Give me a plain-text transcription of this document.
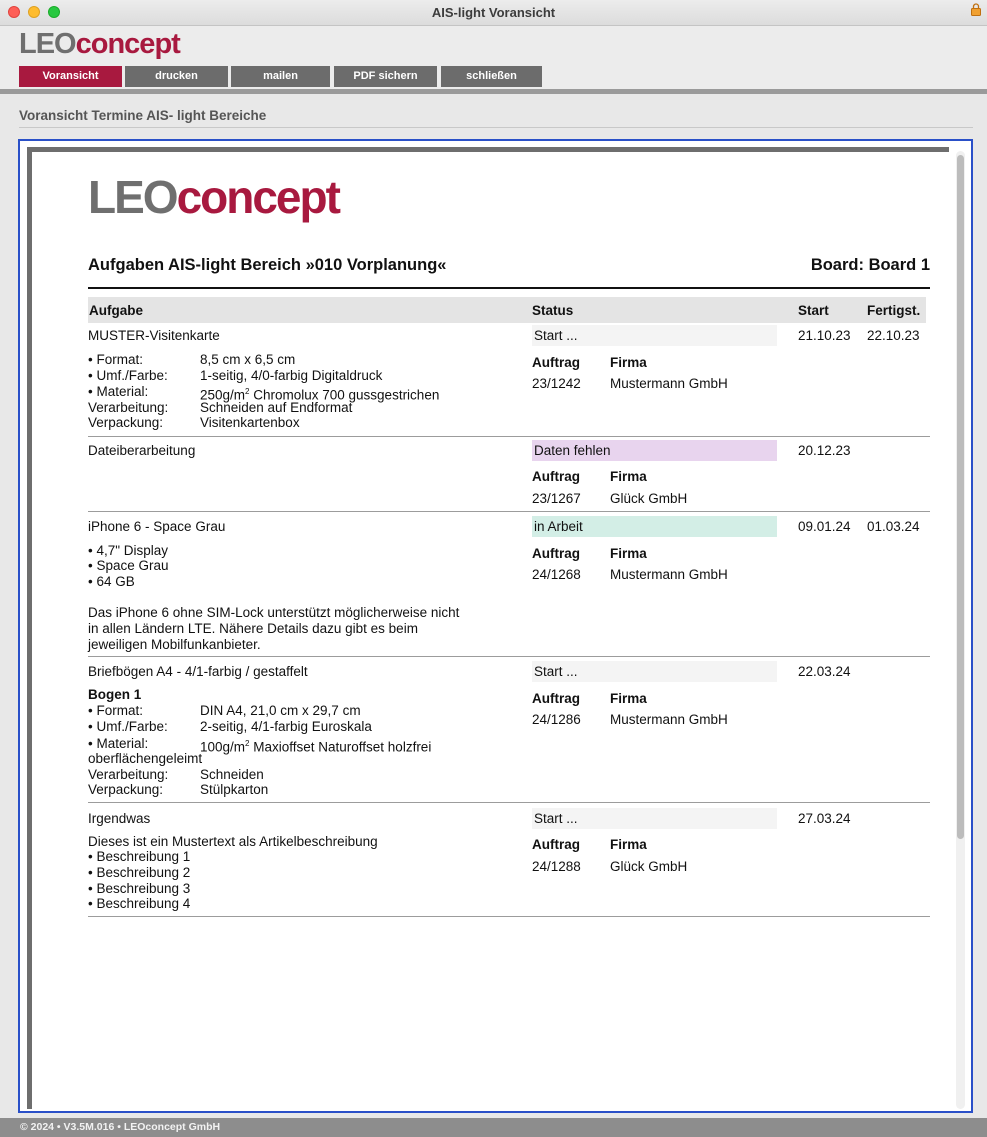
AIS-light Voransicht
LEOconcept
Voransicht	drucken	mailen	PDF sichern	schließen
Voransicht Termine AIS- light Bereiche
LEOconcept
Aufgaben AIS-light Bereich »010 Vorplanung«	Board: Board 1
Aufgabe	Status	Start	Fertigst.
MUSTER-Visitenkarte	Start ...	21.10.23 22.10.23
• Format:	8,5 cm x 6,5 cm
• Umf./Farbe: 1-seitig, 4/0-farbig Digitaldruck
• Material:	$250g/m^2$ Chromolux 700 gussgestrichen
Verarbeitung: Schneiden auf Endformat
Verpackung:	Visitenkartenbox
Auftrag Firma
23/1242 Mustermann GmbH
Dateiberarbeitung	Daten fehlen	20.12.23
Auftrag Firma
23/1267 Glück GmbH
iPhone 6 - Space Grau	in Arbeit	09.01.24 01.03.24
• 4,7" Display
• Space Grau
• 64 GB
Das iPhone 6 ohne SIM-Lock unterstützt möglicherweise nicht
in allen Ländern LTE. Nähere Details dazu gibt es beim
jeweiligen Mobilfunkanbieter.
Auftrag Firma
24/1268 Mustermann GmbH
Briefbögen A4 - 4/1-farbig / gestaffelt	Start ...	22.03.24
Bogen 1
• Format:	DIN A4, 21,0 cm x 29,7 cm
• Umf./Farbe: 2-seitig, 4/1-farbig Euroskala
• Material:	$100g/m^2$ Maxioffset Naturoffset holzfrei
oberflächengeleimt
Verarbeitung: Schneiden
Verpackung:	Stülpkarton
Auftrag Firma
24/1286 Mustermann GmbH
Irgendwas	Start ...	27.03.24
Dieses ist ein Mustertext als Artikelbeschreibung
• Beschreibung 1
• Beschreibung 2
• Beschreibung 3
• Beschreibung 4
Auftrag Firma
24/1288 Glück GmbH
© 2024 • V3.5M.016 • LEOconcept GmbH
